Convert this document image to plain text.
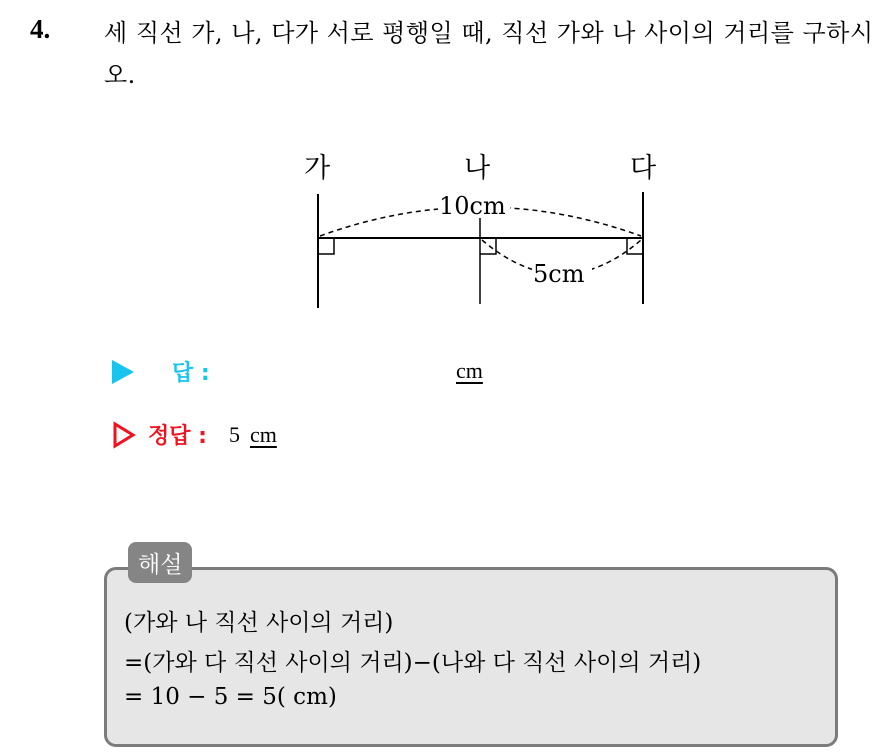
4. 세 직선 가, 나, 다가 서로 평행일 때, 직선 가와 나 사이의 거리를 구하시오.
가	나	다
10cm
5cm
답 :	cm
정답 : 5 cm
해설
(가와 나 직선 사이의 거리)
=(가와 다 직선 사이의 거리)−(나와 다 직선 사이의 거리)
= 10 − 5 = 5( cm)
